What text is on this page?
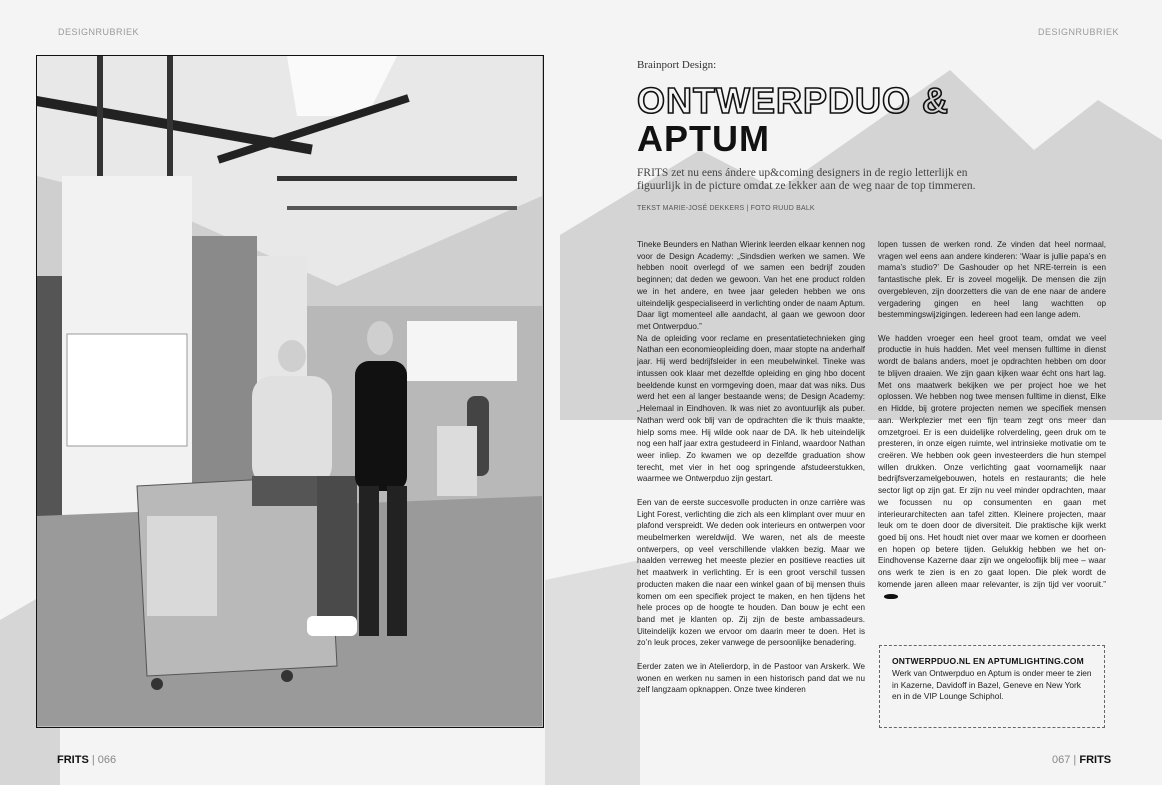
DESIGNRUBRIEK	DESIGNRUBRIEK
Brainport Design:
ONTWERPDUO &
APTUM
FRITS zet nu eens ándere up&coming designers in de regio letterlijk en figuurlijk in de picture omdat ze lekker aan de weg naar de top timmeren.
TEKST MARIE-JOSÉ DEKKERS | FOTO RUUD BALK

Tineke Beunders en Nathan Wierink leerden elkaar kennen nog voor de Design Academy: „Sindsdien werken we samen. We hebben nooit overlegd of we samen een bedrijf zouden beginnen; dat deden we gewoon. Van het ene product rolden we in het andere, en twee jaar geleden hebben we ons uiteindelijk gespecialiseerd in verlichting onder de naam Aptum. Daar ligt momenteel alle aandacht, al gaan we gewoon door met Ontwerpduo.”

Na de opleiding voor reclame en presentatietechnieken ging Nathan een economieopleiding doen, maar stopte na anderhalf jaar. Hij werd bedrijfsleider in een meubelwinkel. Tineke was intussen ook klaar met dezelfde opleiding en ging hbo docent beeldende kunst en vormgeving doen, maar dat was niks. Dus werd het een al langer bestaande wens; de Design Academy: „Helemaal in Eindhoven. Ik was niet zo avontuurlijk als puber. Nathan werd ook blij van de opdrachten die ik thuis maakte, hielp soms mee. Hij wilde ook naar de DA. Ik heb uiteindelijk nog een half jaar extra gestudeerd in Finland, waardoor Nathan weer inliep. Zo kwamen we op dezelfde graduation show terecht, met vier in het oog springende afstudeerstukken, waarmee we Ontwerpduo zijn gestart.

Een van de eerste succesvolle producten in onze carrière was Light Forest, verlichting die zich als een klimplant over muur en plafond verspreidt. We deden ook interieurs en ontwerpen voor meubelmerken wereldwijd. We waren, net als de meeste ontwerpers, op veel verschillende vlakken bezig. Maar we haalden verreweg het meeste plezier en positieve reacties uit het maatwerk in verlichting. Er is een groot verschil tussen producten maken die naar een winkel gaan of bij mensen thuis komen om een specifiek project te maken, en hen tijdens het hele proces op de hoogte te houden. Dan bouw je echt een band met je klanten op. Zij zijn de beste ambassadeurs. Uiteindelijk kozen we ervoor om daarin meer te doen. Het is zo’n leuk proces, zeker vanwege de persoonlijke benadering.

Eerder zaten we in Atelierdorp, in de Pastoor van Arskerk. We wonen en werken nu samen in een historisch pand dat we nu zelf langzaam opknappen. Onze twee kinderen

lopen tussen de werken rond. Ze vinden dat heel normaal, vragen wel eens aan andere kinderen: ‘Waar is jullie papa’s en mama’s studio?’ De Gashouder op het NRE-terrein is een fantastische plek. Er is zoveel mogelijk. De mensen die zijn overgebleven, zijn doorzetters die van de ene naar de andere vergadering gingen en heel lang wachtten op bestemmingswijzigingen. Iedereen had een lange adem.

We hadden vroeger een heel groot team, omdat we veel productie in huis hadden. Met veel mensen fulltime in dienst wordt de balans anders, moet je opdrachten hebben om door te blijven draaien. We zijn gaan kijken waar écht ons hart lag. Met ons maatwerk bekijken we per project hoe we het oplossen. We hebben nog twee mensen fulltime in dienst, Elke en Hidde, bij grotere projecten nemen we specifiek mensen aan. Werkplezier met een fijn team zegt ons meer dan omzetgroei. Er is een duidelijke rolverdeling, geen druk om te presteren, in onze eigen ruimte, wel intrinsieke motivatie om te creëren. We hebben ook geen investeerders die hun stempel willen drukken. Onze verlichting gaat voornamelijk naar bedrijfsverzamelgebouwen, hotels en restaurants; die hele sector ligt op zijn gat. Er zijn nu veel minder opdrachten, maar we focussen nu op consumenten en gaan met interieurarchitecten aan tafel zitten. Kleinere projecten, maar leuk om te doen door de diversiteit. Die praktische kijk werkt goed bij ons. Het houdt niet over maar we komen er doorheen en hopen op betere tijden. Gelukkig hebben we het on-Eindhovense Kazerne daar zijn we ongelooflijk blij mee – waar ons werk te zien is en zo gaat lopen. Die plek wordt de komende jaren alleen maar relevanter, is zijn tijd ver vooruit.”

ONTWERPDUO.NL EN APTUMLIGHTING.COM
Werk van Ontwerpduo en Aptum is onder meer te zien in Kazerne, Davidoff in Bazel, Geneve en New York en in de VIP Lounge Schiphol.
FRITS | 066	067 | FRITS
